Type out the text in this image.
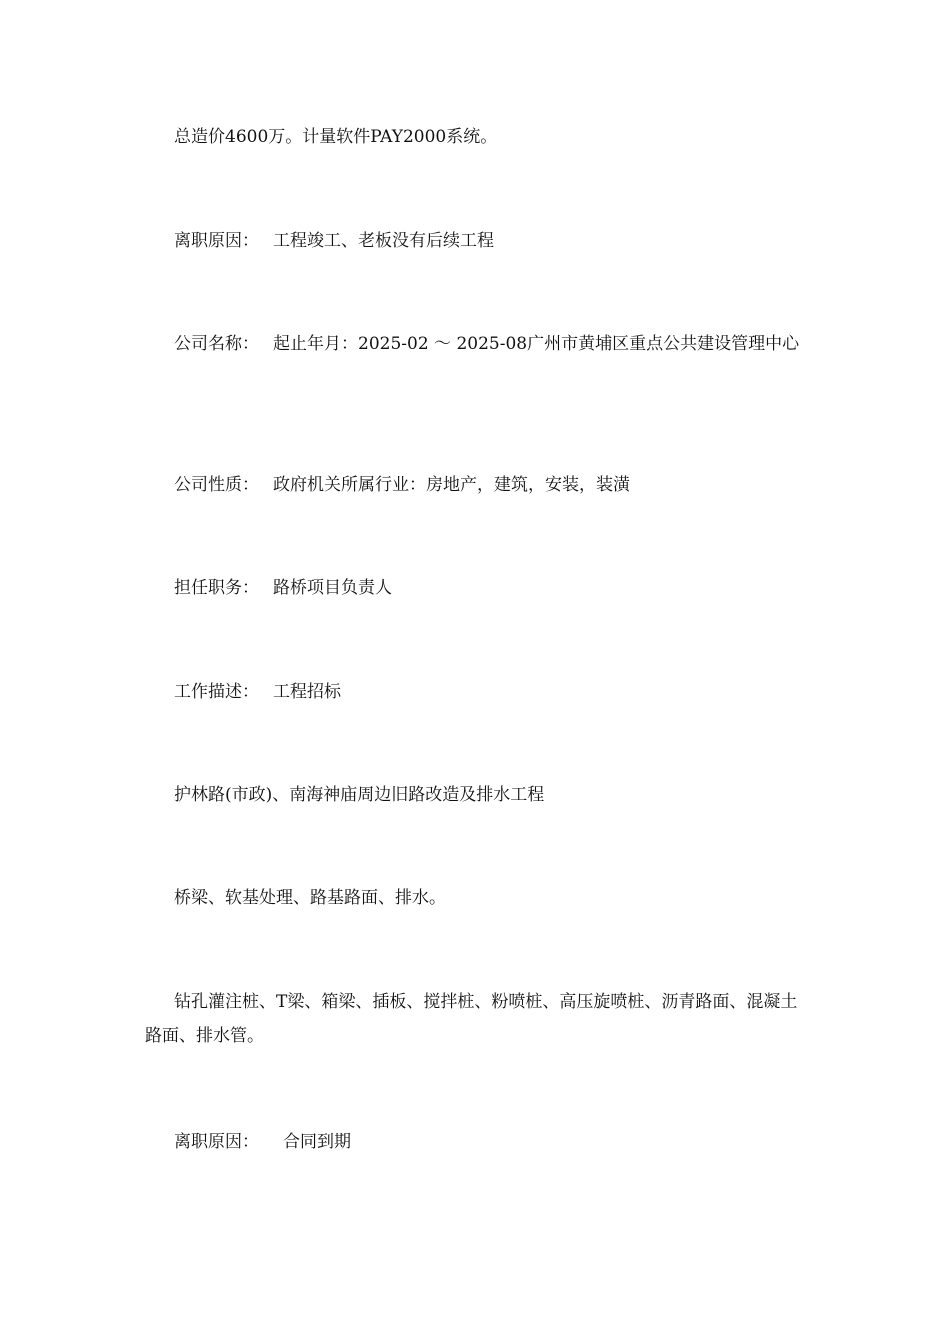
总造价4600万。计量软件PAY2000系统。

离职原因： 工程竣工、老板没有后续工程

公司名称： 起止年月：2025-02 ～ 2025-08广州市黄埔区重点公共建设管理中心

公司性质： 政府机关所属行业：房地产，建筑，安装，装潢

担任职务： 路桥项目负责人

工作描述： 工程招标

护林路(市政)、南海神庙周边旧路改造及排水工程

桥梁、软基处理、路基路面、排水。

钻孔灌注桩、T梁、箱梁、插板、搅拌桩、粉喷桩、高压旋喷桩、沥青路面、混凝土路面、排水管。

离职原因： 合同到期
